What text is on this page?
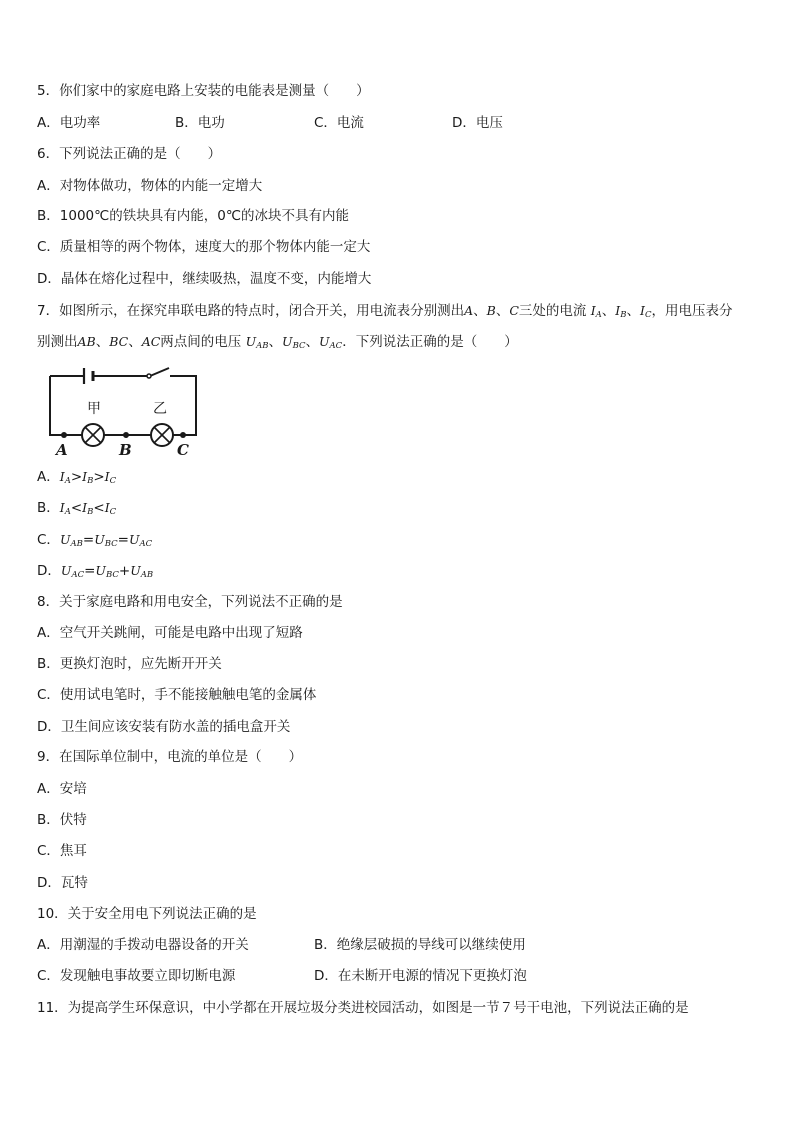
5．你们家中的家庭电路上安装的电能表是测量（　　）
A．电功率	B．电功	C．电流	D．电压
6．下列说法正确的是（　　）
A．对物体做功，物体的内能一定增大
B．1000℃的铁块具有内能，0℃的冰块不具有内能
C．质量相等的两个物体，速度大的那个物体内能一定大
D．晶体在熔化过程中，继续吸热，温度不变，内能增大
7．如图所示，在探究串联电路的特点时，闭合开关，用电流表分别测出A、B、C三处的电流 $I_A$、$I_B$、$I_C$，用电压表分
别测出AB、BC、AC两点间的电压 $U_{AB}$、$U_{BC}$、$U_{AC}$．下列说法正确的是（　　）
甲	乙
A	B	C
A．$I_A>I_B>I_C$
B．$I_A<I_B<I_C$
C．$U_{AB}=U_{BC}=U_{AC}$
D．$U_{AC}=U_{BC}+U_{AB}$
8．关于家庭电路和用电安全，下列说法不正确的是
A．空气开关跳闸，可能是电路中出现了短路
B．更换灯泡时，应先断开开关
C．使用试电笔时，手不能接触触电笔的金属体
D．卫生间应该安装有防水盖的插电盒开关
9．在国际单位制中，电流的单位是（　　）
A．安培
B．伏特
C．焦耳
D．瓦特
10．关于安全用电下列说法正确的是
A．用潮湿的手拨动电器设备的开关	B．绝缘层破损的导线可以继续使用
C．发现触电事故要立即切断电源	D．在未断开电源的情况下更换灯泡
11．为提高学生环保意识，中小学都在开展垃圾分类进校园活动，如图是一节７号干电池，下列说法正确的是
